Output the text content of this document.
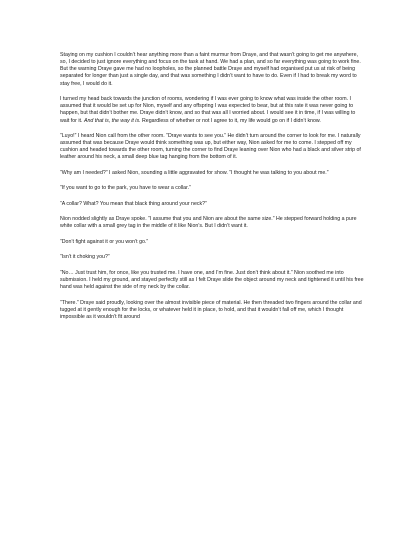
Staying on my cushion I couldn’t hear anything more than a faint murmur from Draye, and that wasn’t going to get me anywhere, so, I decided to just ignore everything and focus on the task at hand. We had a plan, and so far everything was going to work fine. But the warning Draye gave me had no loopholes, so the planned battle Draye and myself had organised put us at risk of being separated for longer than just a single day, and that was something I didn’t want to have to do. Even if I had to break my word to stay free, I would do it.

I turned my head back towards the junction of rooms, wondering if I was ever going to know what was inside the other room. I assumed that it would be set up for Nion, myself and any offspring I was expected to bear, but at this rate it was never going to happen, but that didn’t bother me. Draye didn’t know, and so that was all I worried about. I would see it in time, if I was willing to wait for it. And that is, the way it is. Regardless of whether or not I agree to it, my life would go on if I didn’t know.

“Luyo!” I heard Nion call from the other room. “Draye wants to see you.” He didn’t turn around the corner to look for me. I naturally assumed that was because Draye would think something was up, but either way, Nion asked for me to come. I stepped off my cushion and headed towards the other room, turning the corner to find Draye leaning over Nion who had a black and silver strip of leather around his neck, a small deep blue tag hanging from the bottom of it.

“Why am I needed?” I asked Nion, sounding a little aggravated for show. “I thought he was talking to you about me.”

“If you want to go to the park, you have to wear a collar.”

“A collar? What? You mean that black thing around your neck?”

Nion nodded slightly as Draye spoke. “I assume that you and Nion are about the same size.” He stepped forward holding a pure white collar with a small grey tag in the middle of it like Nion’s. But I didn’t want it.

“Don’t fight against it or you won’t go.”

“Isn’t it choking you?”

“No… Just trust him, for once, like you trusted me. I have one, and I’m fine. Just don’t think about it.” Nion soothed me into submission. I held my ground, and stayed perfectly still as I felt Draye slide the object around my neck and tightened it until his free hand was held against the side of my neck by the collar.

“There.” Draye said proudly, looking over the almost invisible piece of material. He then threaded two fingers around the collar and tugged at it gently enough for the locks, or whatever held it in place, to hold, and that it wouldn’t fall off me, which I thought impossible as it wouldn’t fit around
